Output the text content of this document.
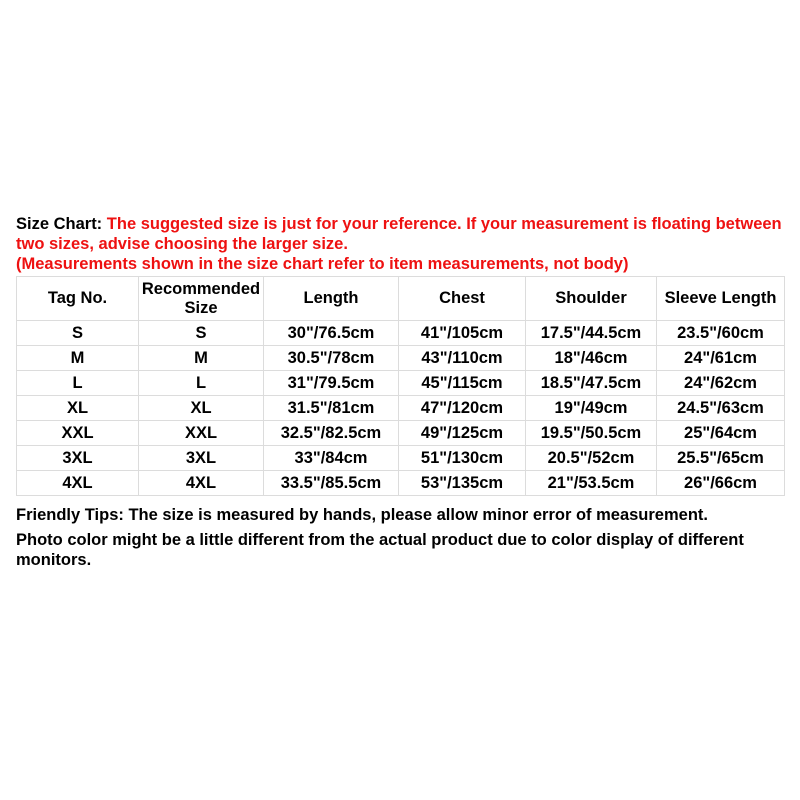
Size Chart: The suggested size is just for your reference. If your measurement is floating between two sizes, advise choosing the larger size.
(Measurements shown in the size chart refer to item measurements, not body)

Tag No.	Recommended Size	Length	Chest	Shoulder	Sleeve Length
S	S	30"/76.5cm	41"/105cm	17.5"/44.5cm	23.5"/60cm
M	M	30.5"/78cm	43"/110cm	18"/46cm	24"/61cm
L	L	31"/79.5cm	45"/115cm	18.5"/47.5cm	24"/62cm
XL	XL	31.5"/81cm	47"/120cm	19"/49cm	24.5"/63cm
XXL	XXL	32.5"/82.5cm	49"/125cm	19.5"/50.5cm	25"/64cm
3XL	3XL	33"/84cm	51"/130cm	20.5"/52cm	25.5"/65cm
4XL	4XL	33.5"/85.5cm	53"/135cm	21"/53.5cm	26"/66cm

Friendly Tips: The size is measured by hands, please allow minor error of measurement.

Photo color might be a little different from the actual product due to color display of different monitors.
